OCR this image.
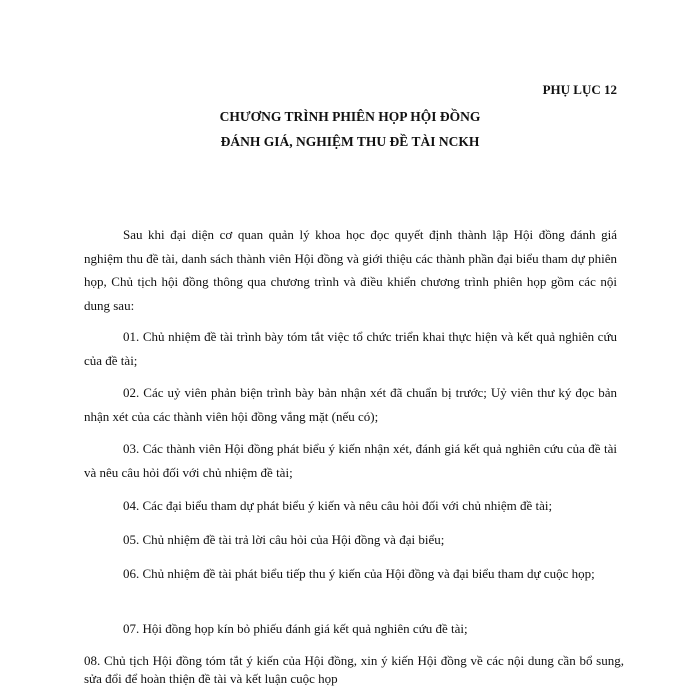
PHỤ LỤC 12
CHƯƠNG TRÌNH PHIÊN HỌP HỘI ĐỒNG
ĐÁNH GIÁ, NGHIỆM THU ĐỀ TÀI NCKH

Sau khi đại diện cơ quan quản lý khoa học đọc quyết định thành lập Hội đồng đánh giá nghiệm thu đề tài, danh sách thành viên Hội đồng và giới thiệu các thành phần đại biểu tham dự phiên họp, Chủ tịch hội đồng thông qua chương trình và điều khiển chương trình phiên họp gồm các nội dung sau:

01. Chủ nhiệm đề tài trình bày tóm tắt việc tổ chức triển khai thực hiện và kết quả nghiên cứu của đề tài;

02. Các uỷ viên phản biện trình bày bản nhận xét đã chuẩn bị trước; Uỷ viên thư ký đọc bản nhận xét của các thành viên hội đồng vắng mặt (nếu có);

03. Các thành viên Hội đồng phát biểu ý kiến nhận xét, đánh giá kết quả nghiên cứu của đề tài và nêu câu hỏi đối với chủ nhiệm đề tài;

04. Các đại biểu tham dự phát biểu ý kiến và nêu câu hỏi đối với chủ nhiệm đề tài;

05. Chủ nhiệm đề tài trả lời câu hỏi của Hội đồng và đại biểu;

06. Chủ nhiệm đề tài phát biểu tiếp thu ý kiến của Hội đồng và đại biểu tham dự cuộc họp;

07. Hội đồng họp kín bỏ phiếu đánh giá kết quả nghiên cứu đề tài;

08. Chủ tịch Hội đồng tóm tắt ý kiến của Hội đồng, xin ý kiến Hội đồng về các nội dung cần bổ sung, sửa đổi để hoàn thiện đề tài và kết luận cuộc họp
